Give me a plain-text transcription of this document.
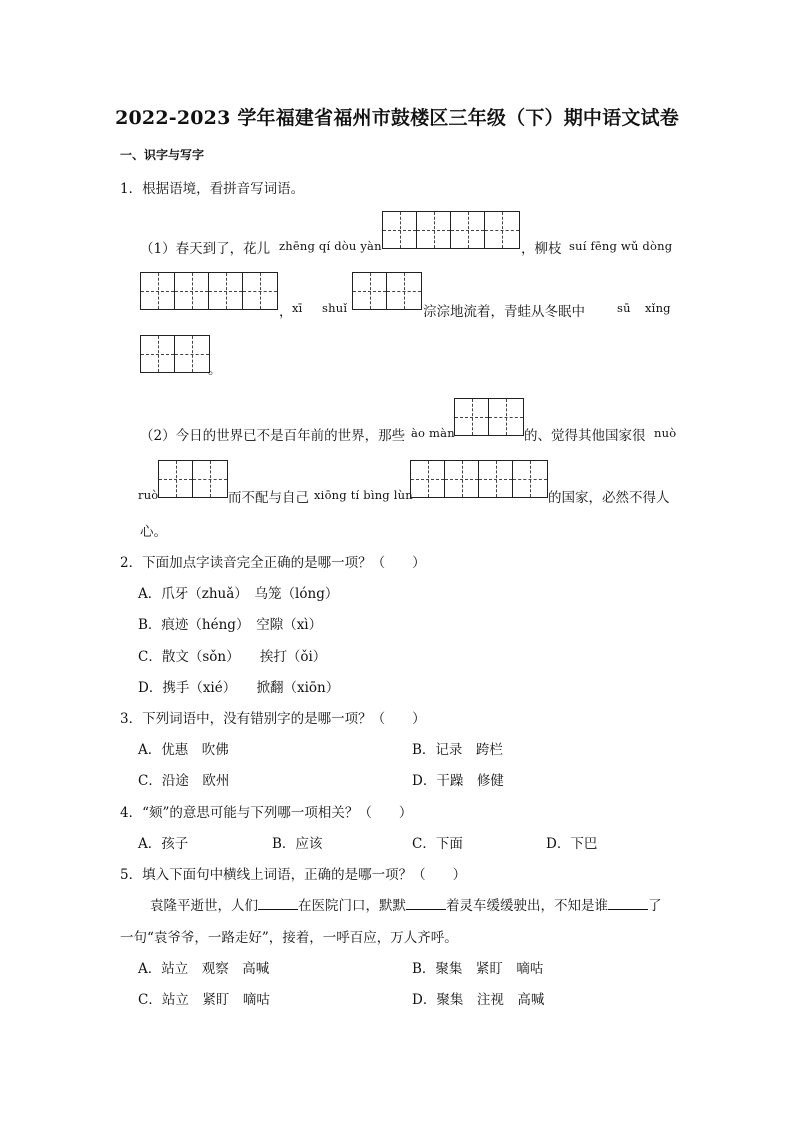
2022-2023 学年福建省福州市鼓楼区三年级（下）期中语文试卷
一、识字与写字
1．根据语境，看拼音写词语。
（1）春天到了，花儿 zhēng qí dòu yàn	，柳枝 suí fēng wǔ dòng
， xī shuǐ	淙淙地流着，青蛙从冬眠中	sū xǐng
。
（2）今日的世界已不是百年前的世界，那些 ào màn	的、觉得其他国家很 nuò
ruò	而不配与自己 xiōng tí bìng lùn	的国家，必然不得人
心。
2．下面加点字读音完全正确的是哪一项？（　　）
A．爪牙（zhuǎ）　乌笼（lóng）
B．痕迹（héng）　空隙（xì）
C．散文（sǒn）　　挨打（ǒi）
D．携手（xié）　　掀翻（xiōn）
3．下列词语中，没有错别字的是哪一项？（　　）
A．优惠　吹佛	B．记录　跨栏
C．沿途　欧州	D．干躁　修健
4．“颏”的意思可能与下列哪一项相关？（　　）
A．孩子	B．应该	C．下面	D．下巴
5．填入下面句中横线上词语，正确的是哪一项？（　　）
袁隆平逝世，人们	在医院门口，默默	着灵车缓缓驶出，不知是谁	了
一句“袁爷爷，一路走好”，接着，一呼百应，万人齐呼。
A．站立　观察　高喊	B．聚集　紧盯　嘀咕
C．站立　紧盯　嘀咕	D．聚集　注视　高喊
